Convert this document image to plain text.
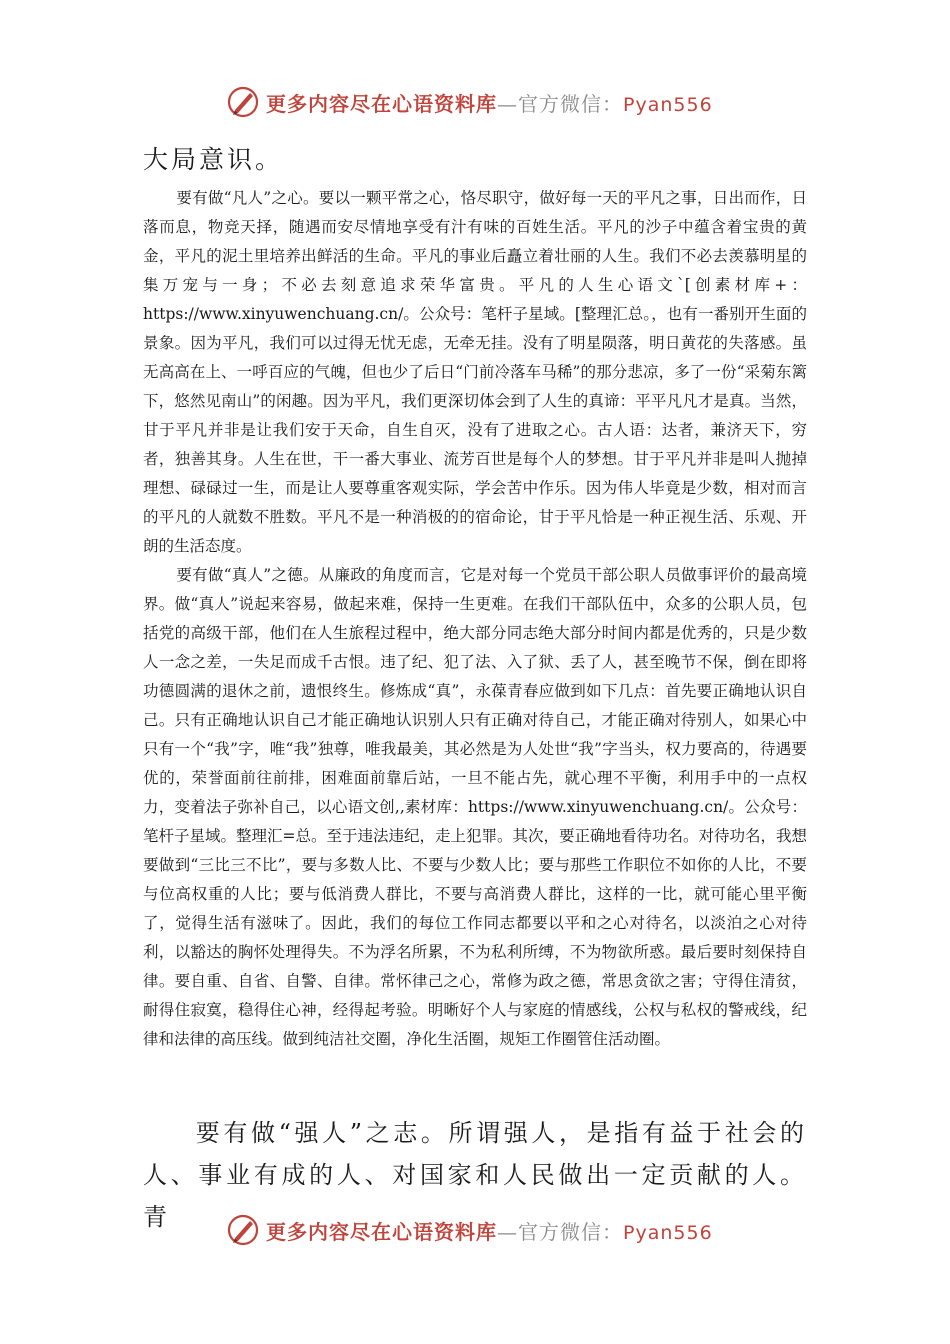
更多内容尽在心语资料库—官方微信：Pyan556
大局意识。

要有做“凡人”之心。要以一颗平常之心，恪尽职守，做好每一天的平凡之事，日出而作，日落而息，物竞天择，随遇而安尽情地享受有汁有味的百姓生活。平凡的沙子中蕴含着宝贵的黄金，平凡的泥土里培养出鲜活的生命。平凡的事业后矗立着壮丽的人生。我们不必去羡慕明星的集万宠与一身；不必去刻意追求荣华富贵。平凡的人生心语文`[创素材库+：https://www.xinyuwenchuang.cn/。公众号：笔杆子星域。[整理汇总。，也有一番别开生面的景象。因为平凡，我们可以过得无忧无虑，无牵无挂。没有了明星陨落，明日黄花的失落感。虽无高高在上、一呼百应的气魄，但也少了后日“门前冷落车马稀”的那分悲凉，多了一份“采菊东篱下，悠然见南山”的闲趣。因为平凡，我们更深切体会到了人生的真谛：平平凡凡才是真。当然，甘于平凡并非是让我们安于天命，自生自灭，没有了进取之心。古人语：达者，兼济天下，穷者，独善其身。人生在世，干一番大事业、流芳百世是每个人的梦想。甘于平凡并非是叫人抛掉理想、碌碌过一生，而是让人要尊重客观实际，学会苦中作乐。因为伟人毕竟是少数，相对而言的平凡的人就数不胜数。平凡不是一种消极的的宿命论，甘于平凡恰是一种正视生活、乐观、开朗的生活态度。

要有做“真人”之德。从廉政的角度而言，它是对每一个党员干部公职人员做事评价的最高境界。做“真人”说起来容易，做起来难，保持一生更难。在我们干部队伍中，众多的公职人员，包括党的高级干部，他们在人生旅程过程中，绝大部分同志绝大部分时间内都是优秀的，只是少数人一念之差，一失足而成千古恨。违了纪、犯了法、入了狱、丢了人，甚至晚节不保，倒在即将功德圆满的退休之前，遗恨终生。修炼成“真”，永葆青春应做到如下几点：首先要正确地认识自己。只有正确地认识自己才能正确地认识别人只有正确对待自己，才能正确对待别人，如果心中只有一个“我”字，唯“我”独尊，唯我最美，其必然是为人处世“我”字当头，权力要高的，待遇要优的，荣誉面前往前排，困难面前靠后站，一旦不能占先，就心理不平衡，利用手中的一点权力，变着法子弥补自己，以心语文创,,素材库：https://www.xinyuwenchuang.cn/。公众号：笔杆子星域。整理汇=总。至于违法违纪，走上犯罪。其次，要正确地看待功名。对待功名，我想要做到“三比三不比”，要与多数人比、不要与少数人比；要与那些工作职位不如你的人比，不要与位高权重的人比；要与低消费人群比，不要与高消费人群比，这样的一比，就可能心里平衡了，觉得生活有滋味了。因此，我们的每位工作同志都要以平和之心对待名，以淡泊之心对待利，以豁达的胸怀处理得失。不为浮名所累，不为私利所缚，不为物欲所惑。最后要时刻保持自律。要自重、自省、自警、自律。常怀律己之心，常修为政之德，常思贪欲之害；守得住清贫，耐得住寂寞，稳得住心神，经得起考验。明晰好个人与家庭的情感线，公权与私权的警戒线，纪律和法律的高压线。做到纯洁社交圈，净化生活圈，规矩工作圈管住活动圈。

要有做“强人”之志。所谓强人，是指有益于社会的人、事业有成的人、对国家和人民做出一定贡献的人。青

更多内容尽在心语资料库—官方微信：Pyan556
